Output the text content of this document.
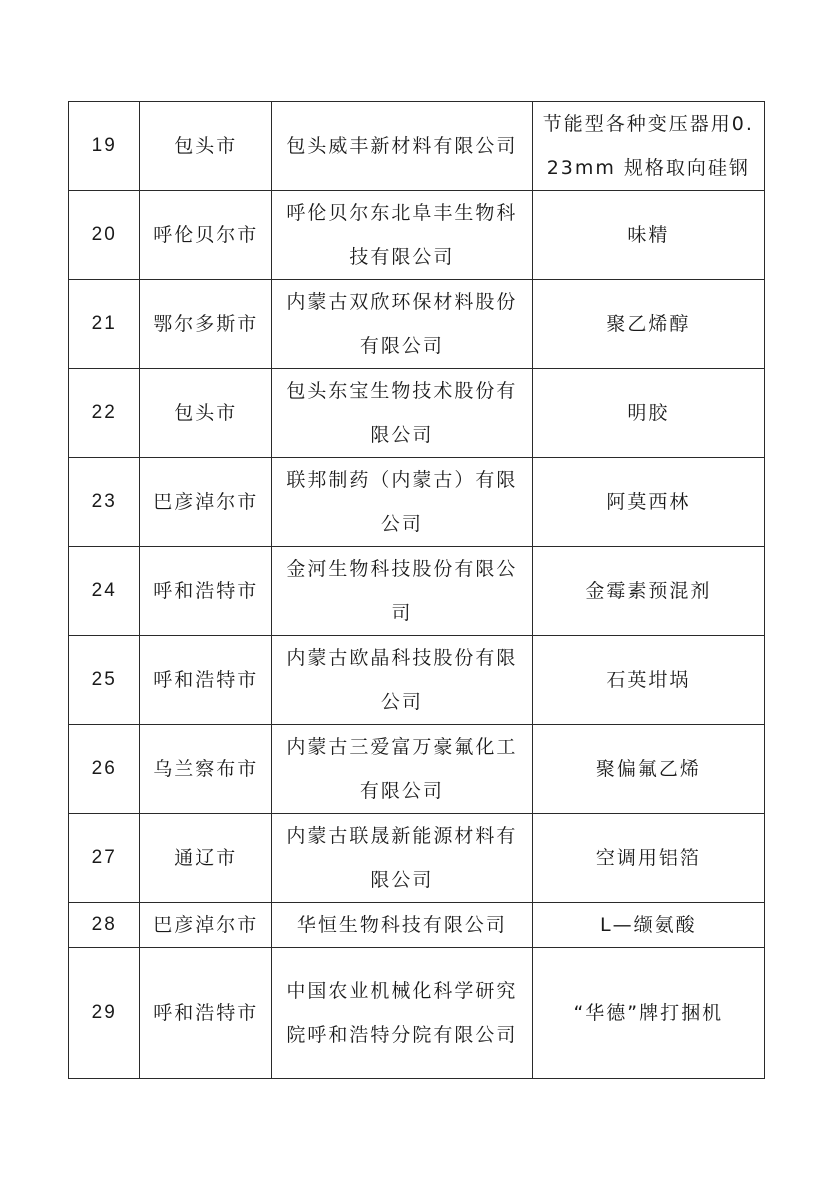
19	包头市	包头威丰新材料有限公司	节能型各种变压器用0.23mm 规格取向硅钢
20	呼伦贝尔市	呼伦贝尔东北阜丰生物科技有限公司	味精
21	鄂尔多斯市	内蒙古双欣环保材料股份有限公司	聚乙烯醇
22	包头市	包头东宝生物技术股份有限公司	明胶
23	巴彦淖尔市	联邦制药（内蒙古）有限公司	阿莫西林
24	呼和浩特市	金河生物科技股份有限公司	金霉素预混剂
25	呼和浩特市	内蒙古欧晶科技股份有限公司	石英坩埚
26	乌兰察布市	内蒙古三爱富万豪氟化工有限公司	聚偏氟乙烯
27	通辽市	内蒙古联晟新能源材料有限公司	空调用铝箔
28	巴彦淖尔市	华恒生物科技有限公司	L—缬氨酸
29	呼和浩特市	中国农业机械化科学研究院呼和浩特分院有限公司	“华德”牌打捆机
